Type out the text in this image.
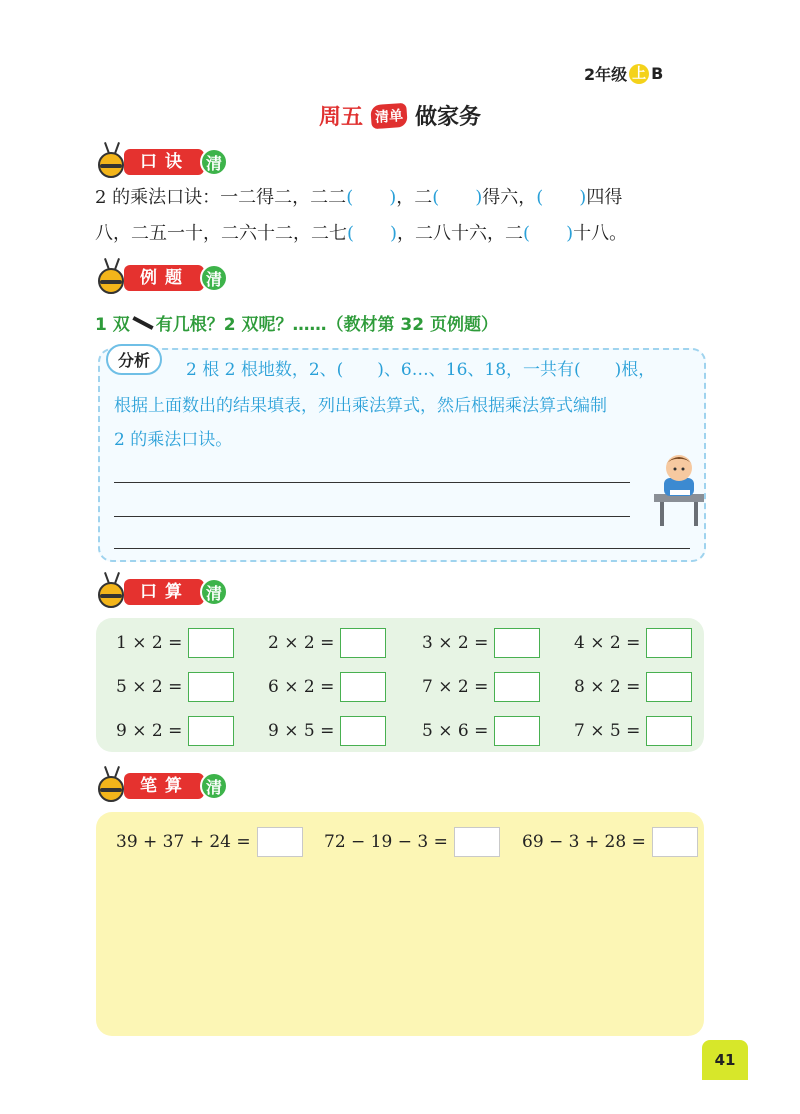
2年级 上 B
周五 清单 做家务
口诀 清
2 的乘法口诀：一二得二，二二(　　)，二(　　)得六，(　　)四得
八，二五一十，二六十二，二七(　　)，二八十六，二(　　)十八。
例题 清
1 双 有几根？2 双呢？……（教材第 32 页例题）
分析	2 根 2 根地数，2、(　　)、6…、16、18，一共有(　　)根，
根据上面数出的结果填表，列出乘法算式，然后根据乘法算式编制
2 的乘法口诀。
口算 清
1 × 2 =	2 × 2 =	3 × 2 =	4 × 2 =
5 × 2 =	6 × 2 =	7 × 2 =	8 × 2 =
9 × 2 =	9 × 5 =	5 × 6 =	7 × 5 =
笔算 清
39 + 37 + 24 =	72 − 19 − 3 =	69 − 3 + 28 =
41
